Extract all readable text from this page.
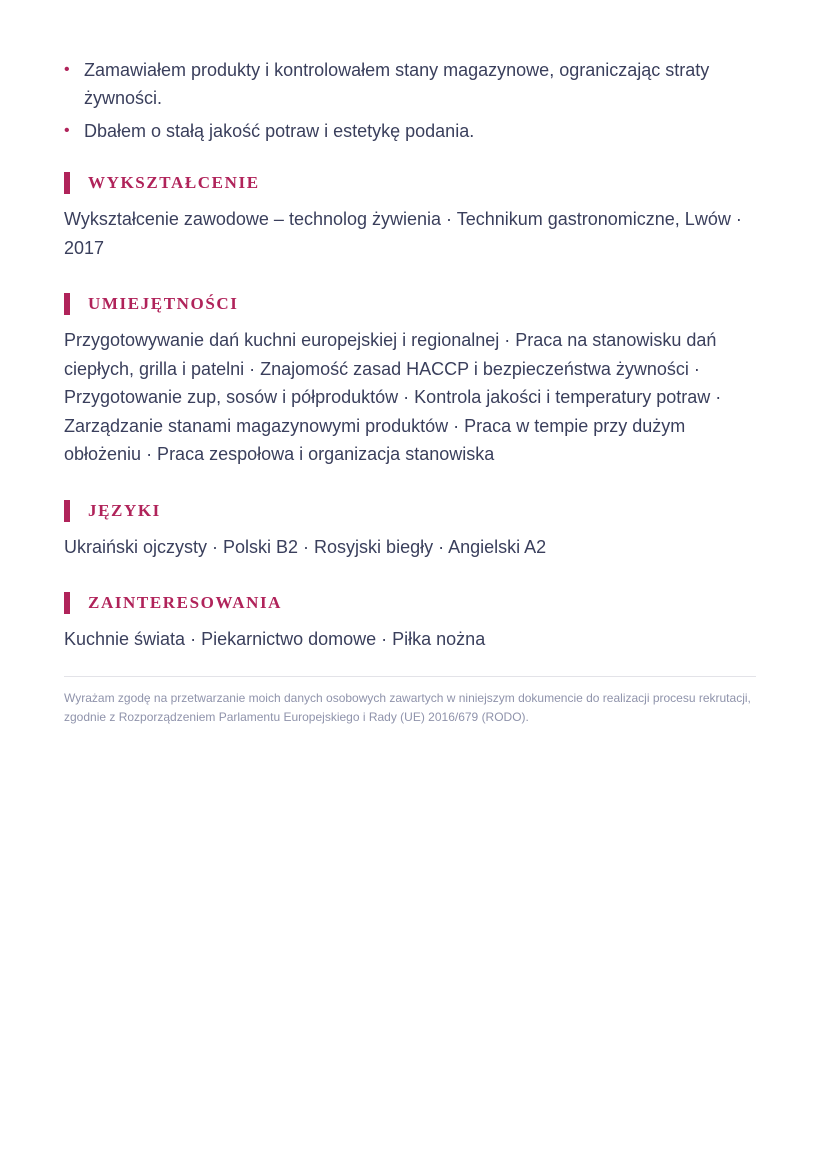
• Zamawiałem produkty i kontrolowałem stany magazynowe, ograniczając straty żywności.
• Dbałem o stałą jakość potraw i estetykę podania.
WYKSZTAŁCENIE
Wykształcenie zawodowe – technolog żywienia · Technikum gastronomiczne, Lwów · 2017
UMIEJĘTNOŚCI
Przygotowywanie dań kuchni europejskiej i regionalnej · Praca na stanowisku dań ciepłych, grilla i patelni · Znajomość zasad HACCP i bezpieczeństwa żywności · Przygotowanie zup, sosów i półproduktów · Kontrola jakości i temperatury potraw · Zarządzanie stanami magazynowymi produktów · Praca w tempie przy dużym obłożeniu · Praca zespołowa i organizacja stanowiska
JĘZYKI
Ukraiński ojczysty · Polski B2 · Rosyjski biegły · Angielski A2
ZAINTERESOWANIA
Kuchnie świata · Piekarnictwo domowe · Piłka nożna
Wyrażam zgodę na przetwarzanie moich danych osobowych zawartych w niniejszym dokumencie do realizacji procesu rekrutacji, zgodnie z Rozporządzeniem Parlamentu Europejskiego i Rady (UE) 2016/679 (RODO).
